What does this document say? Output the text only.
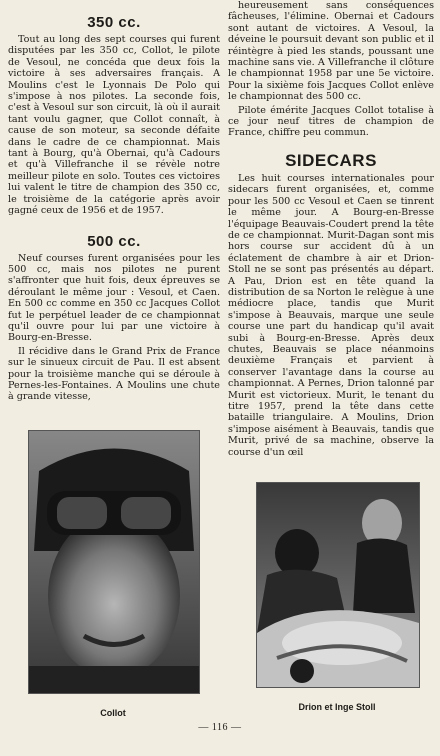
350 cc.

Tout au long des sept courses qui furent disputées par les 350 cc, Collot, le pilote de Vesoul, ne concéda que deux fois la victoire à ses adversaires français. A Moulins c'est le Lyonnais De Polo qui s'impose à nos pilotes. La seconde fois, c'est à Vesoul sur son circuit, là où il aurait tant voulu gagner, que Collot connaît, à cause de son moteur, sa seconde défaite dans le cadre de ce championnat. Mais tant à Bourg, qu'à Obernai, qu'à Cadours et qu'à Villefranche il se révèle notre meilleur pilote en solo. Toutes ces victoires lui valent le titre de champion des 350 cc, le troisième de la catégorie après avoir gagné ceux de 1956 et de 1957.

500 cc.

Neuf courses furent organisées pour les 500 cc, mais nos pilotes ne purent s'affronter que huit fois, deux épreuves se déroulant le même jour : Vesoul, et Caen. En 500 cc comme en 350 cc Jacques Collot fut le perpétuel leader de ce championnat qu'il ouvre pour lui par une victoire à Bourg-en-Bresse.

Il récidive dans le Grand Prix de France sur le sinueux circuit de Pau. Il est absent pour la troisième manche qui se déroule à Pernes-les-Fontaines. A Moulins une chute à grande vitesse,

heureusement sans conséquences fâcheuses, l'élimine. Obernai et Cadours sont autant de victoires. A Vesoul, la déveine le poursuit devant son public et il réintègre à pied les stands, poussant une machine sans vie. A Villefranche il clôture le championnat 1958 par une 5e victoire. Pour la sixième fois Jacques Collot enlève le championnat des 500 cc.

Pilote émérite Jacques Collot totalise à ce jour neuf titres de champion de France, chiffre peu commun.

SIDECARS

Les huit courses internationales pour sidecars furent organisées, et, comme pour les 500 cc Vesoul et Caen se tinrent le même jour. A Bourg-en-Bresse l'équipage Beauvais-Coudert prend la tête de ce championnat. Murit-Dagan sont mis hors course sur accident dû à un éclatement de chambre à air et Drion-Stoll ne se sont pas présentés au départ. A Pau, Drion est en tête quand la distribution de sa Norton le relègue à une médiocre place, tandis que Murit s'impose à Beauvais, marque une seule course une part du handicap qu'il avait subi à Bourg-en-Bresse. Après deux chutes, Beauvais se place néanmoins deuxième Français et parvient à conserver l'avantage dans la course au championnat. A Pernes, Drion talonné par Murit est victorieux. Murit, le tenant du titre 1957, prend la tête dans cette bataille triangulaire. A Moulins, Drion s'impose aisément à Beauvais, tandis que Murit, privé de sa machine, observe la course d'un œil

Collot
Drion et Inge Stoll
— 116 —
